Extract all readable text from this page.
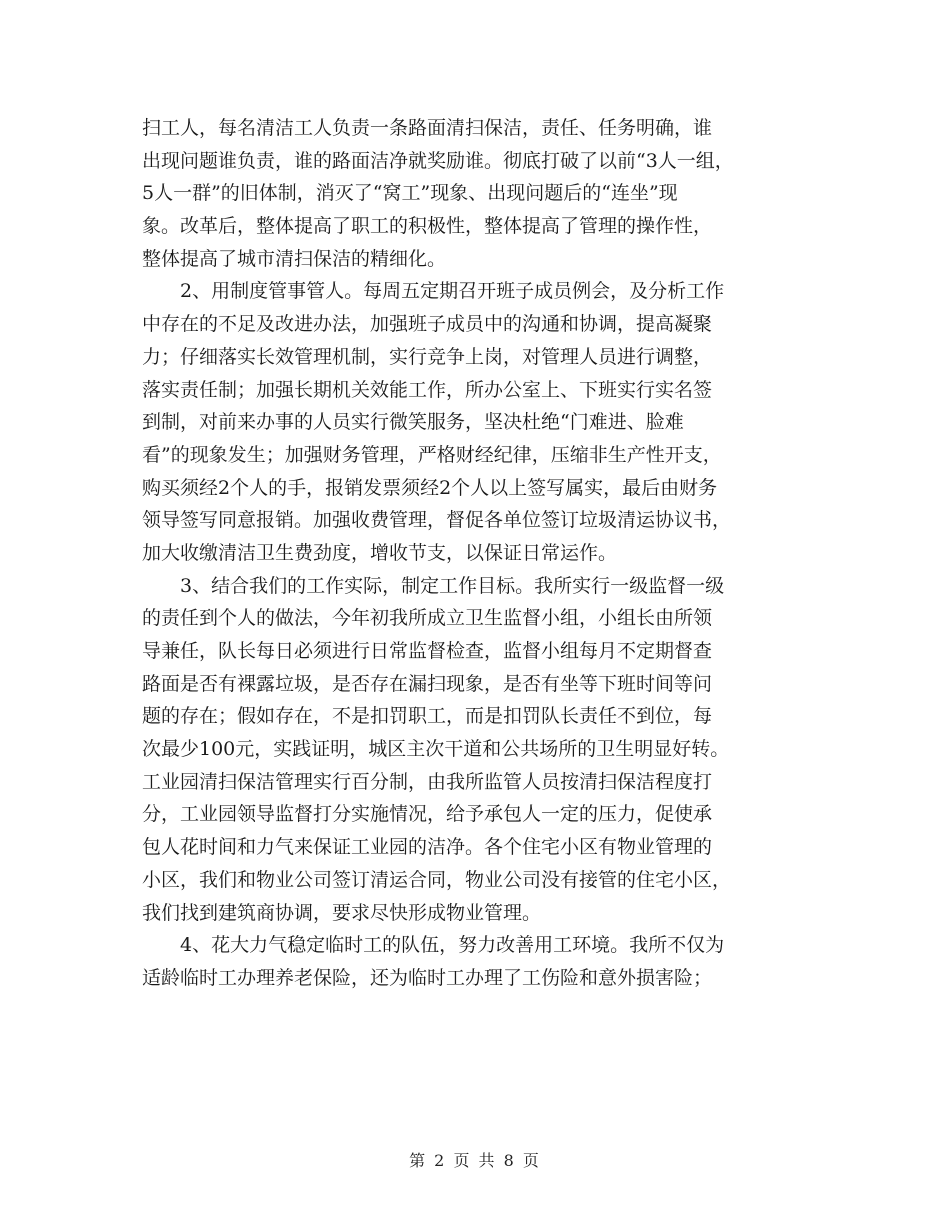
扫工人，每名清洁工人负责一条路面清扫保洁，责任、任务明确，谁
出现问题谁负责，谁的路面洁净就奖励谁。彻底打破了以前“3人一组，
5人一群”的旧体制，消灭了“窝工”现象、出现问题后的“连坐”现
象。改革后，整体提高了职工的积极性，整体提高了管理的操作性，
整体提高了城市清扫保洁的精细化。
　　2、用制度管事管人。每周五定期召开班子成员例会，及分析工作
中存在的不足及改进办法，加强班子成员中的沟通和协调，提高凝聚
力；仔细落实长效管理机制，实行竞争上岗，对管理人员进行调整，
落实责任制；加强长期机关效能工作，所办公室上、下班实行实名签
到制，对前来办事的人员实行微笑服务，坚决杜绝“门难进、脸难
看”的现象发生；加强财务管理，严格财经纪律，压缩非生产性开支，
购买须经2个人的手，报销发票须经2个人以上签写属实，最后由财务
领导签写同意报销。加强收费管理，督促各单位签订垃圾清运协议书，
加大收缴清洁卫生费劲度，增收节支，以保证日常运作。
　　3、结合我们的工作实际，制定工作目标。我所实行一级监督一级
的责任到个人的做法，今年初我所成立卫生监督小组，小组长由所领
导兼任，队长每日必须进行日常监督检查，监督小组每月不定期督查
路面是否有裸露垃圾，是否存在漏扫现象，是否有坐等下班时间等问
题的存在；假如存在，不是扣罚职工，而是扣罚队长责任不到位，每
次最少100元，实践证明，城区主次干道和公共场所的卫生明显好转。
工业园清扫保洁管理实行百分制，由我所监管人员按清扫保洁程度打
分，工业园领导监督打分实施情况，给予承包人一定的压力，促使承
包人花时间和力气来保证工业园的洁净。各个住宅小区有物业管理的
小区，我们和物业公司签订清运合同，物业公司没有接管的住宅小区，
我们找到建筑商协调，要求尽快形成物业管理。
　　4、花大力气稳定临时工的队伍，努力改善用工环境。我所不仅为
适龄临时工办理养老保险，还为临时工办理了工伤险和意外损害险；
第 2 页 共 8 页
